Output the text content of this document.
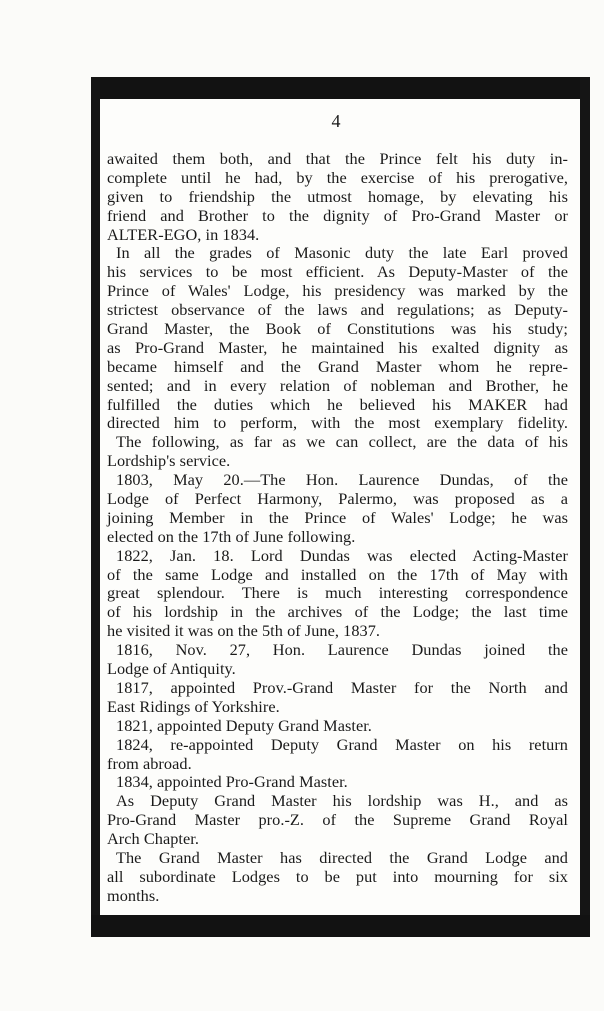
4
awaited them both, and that the Prince felt his duty in-
complete until he had, by the exercise of his prerogative,
given to friendship the utmost homage, by elevating his
friend and Brother to the dignity of Pro-Grand Master or
ALTER-EGO, in 1834.
In all the grades of Masonic duty the late Earl proved
his services to be most efficient. As Deputy-Master of the
Prince of Wales' Lodge, his presidency was marked by the
strictest observance of the laws and regulations; as Deputy-
Grand Master, the Book of Constitutions was his study;
as Pro-Grand Master, he maintained his exalted dignity as
became himself and the Grand Master whom he repre-
sented; and in every relation of nobleman and Brother, he
fulfilled the duties which he believed his MAKER had
directed him to perform, with the most exemplary fidelity.
The following, as far as we can collect, are the data of his
Lordship's service.
1803, May 20.—The Hon. Laurence Dundas, of the
Lodge of Perfect Harmony, Palermo, was proposed as a
joining Member in the Prince of Wales' Lodge; he was
elected on the 17th of June following.
1822, Jan. 18. Lord Dundas was elected Acting-Master
of the same Lodge and installed on the 17th of May with
great splendour. There is much interesting correspondence
of his lordship in the archives of the Lodge; the last time
he visited it was on the 5th of June, 1837.
1816, Nov. 27, Hon. Laurence Dundas joined the
Lodge of Antiquity.
1817, appointed Prov.-Grand Master for the North and
East Ridings of Yorkshire.
1821, appointed Deputy Grand Master.
1824, re-appointed Deputy Grand Master on his return
from abroad.
1834, appointed Pro-Grand Master.
As Deputy Grand Master his lordship was H., and as
Pro-Grand Master pro.-Z. of the Supreme Grand Royal
Arch Chapter.
The Grand Master has directed the Grand Lodge and
all subordinate Lodges to be put into mourning for six
months.
